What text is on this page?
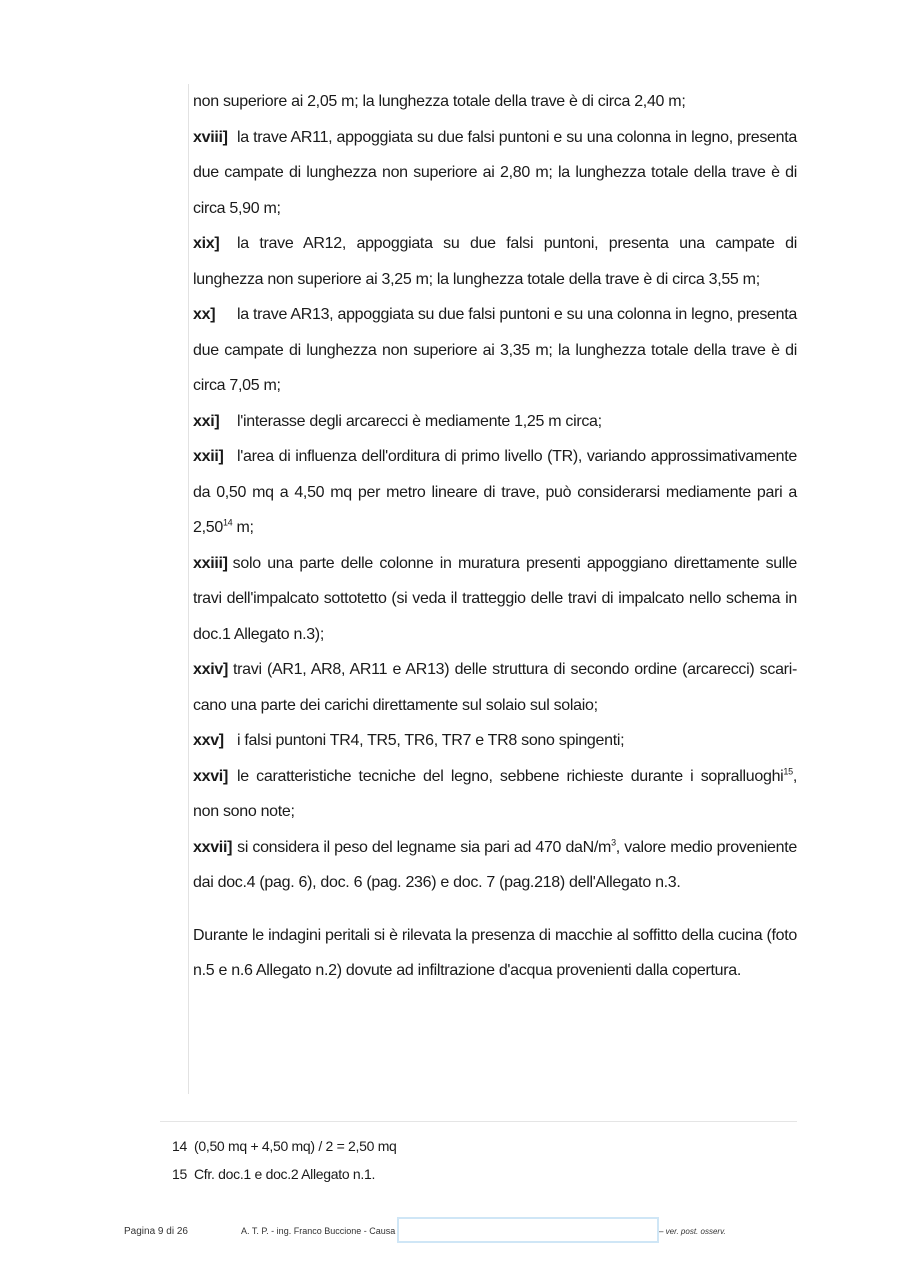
non superiore ai 2,05 m; la lunghezza totale della trave è di circa 2,40 m;

xviii] la trave AR11, appoggiata su due falsi puntoni e su una colonna in legno, presenta due campate di lunghezza non superiore ai 2,80 m; la lunghezza totale della trave è di circa 5,90 m;

xix] la trave AR12, appoggiata su due falsi puntoni, presenta una campate di lunghezza non superiore ai 3,25 m; la lunghezza totale della trave è di circa 3,55 m;

xx] la trave AR13, appoggiata su due falsi puntoni e su una colonna in legno, presenta due campate di lunghezza non superiore ai 3,35 m; la lunghezza totale della trave è di circa 7,05 m;

xxi] l'interasse degli arcarecci è mediamente 1,25 m circa;

xxii] l'area di influenza dell'orditura di primo livello (TR), variando approssimativamente da 0,50 mq a 4,50 mq per metro lineare di trave, può considerarsi mediamente pari a 2,50$^{14}$ m;

xxiii] solo una parte delle colonne in muratura presenti appoggiano direttamente sulle travi dell'impalcato sottotetto (si veda il tratteggio delle travi di impalcato nello schema in doc.1 Allegato n.3);

xxiv] travi (AR1, AR8, AR11 e AR13) delle struttura di secondo ordine (arcarecci) scari-cano una parte dei carichi direttamente sul solaio sul solaio;

xxv] i falsi puntoni TR4, TR5, TR6, TR7 e TR8 sono spingenti;

xxvi] le caratteristiche tecniche del legno, sebbene richieste durante i sopralluoghi$^{15}$, non sono note;

xxvii] si considera il peso del legname sia pari ad 470 daN/$m^3$, valore medio proveniente dai doc.4 (pag. 6), doc. 6 (pag. 236) e doc. 7 (pag.218) dell'Allegato n.3.

Durante le indagini peritali si è rilevata la presenza di macchie al soffitto della cucina (foto n.5 e n.6 Allegato n.2) dovute ad infiltrazione d'acqua provenienti dalla copertura.

14 (0,50 mq + 4,50 mq) / 2 = 2,50 mq
15 Cfr. doc.1 e doc.2 Allegato n.1.
Pagina 9 di 26	A. T. P. - ing. Franco Buccione - Causa	– ver. post. osserv.
